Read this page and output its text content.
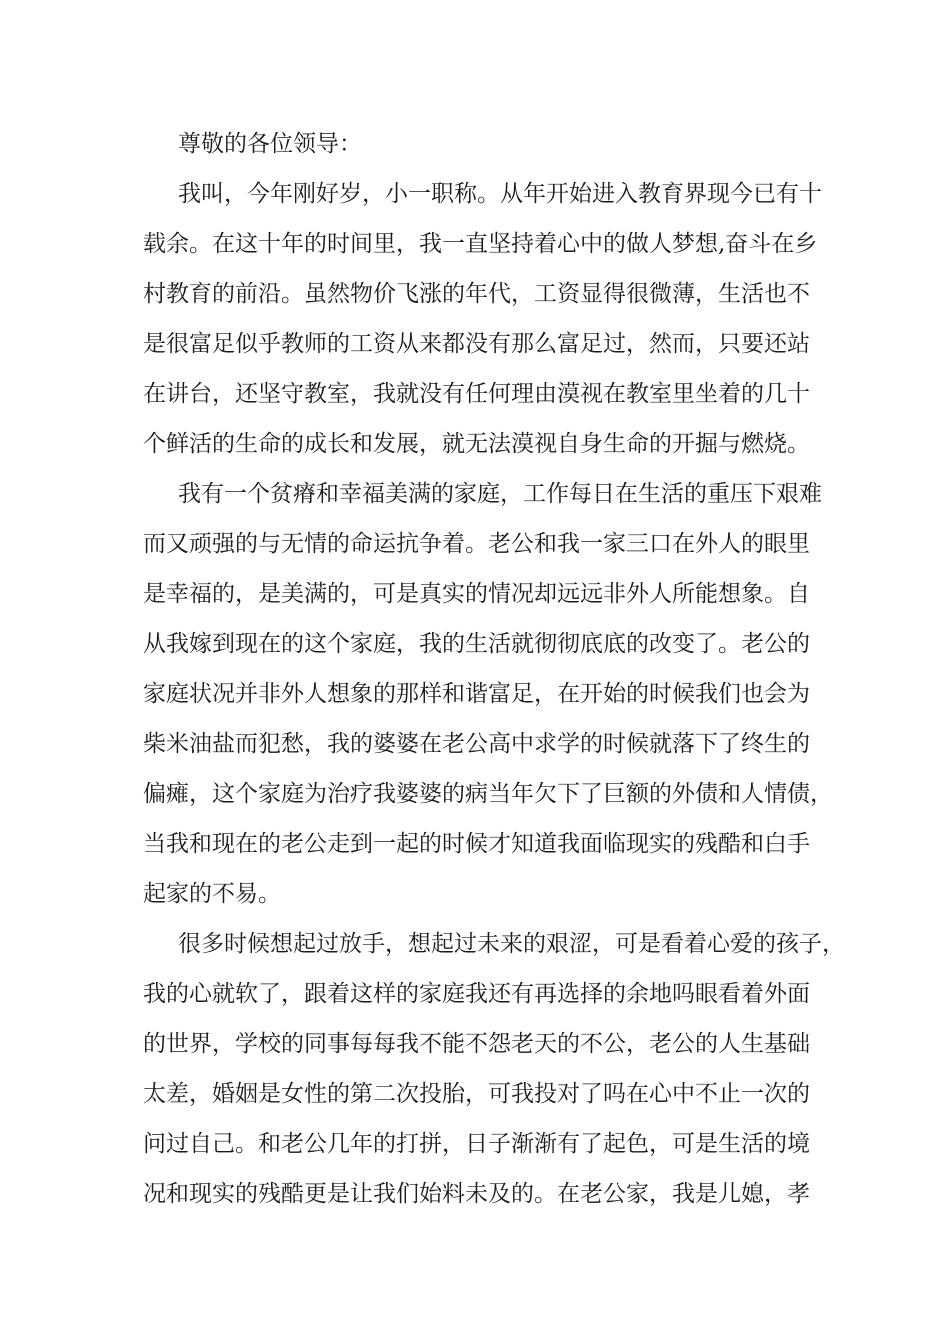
尊敬的各位领导：
我叫，今年刚好岁，小一职称。从年开始进入教育界现今已有十
载余。在这十年的时间里，我一直坚持着心中的做人梦想,奋斗在乡
村教育的前沿。虽然物价飞涨的年代，工资显得很微薄，生活也不
是很富足似乎教师的工资从来都没有那么富足过，然而，只要还站
在讲台，还坚守教室，我就没有任何理由漠视在教室里坐着的几十
个鲜活的生命的成长和发展，就无法漠视自身生命的开掘与燃烧。
我有一个贫瘠和幸福美满的家庭，工作每日在生活的重压下艰难
而又顽强的与无情的命运抗争着。老公和我一家三口在外人的眼里
是幸福的，是美满的，可是真实的情况却远远非外人所能想象。自
从我嫁到现在的这个家庭，我的生活就彻彻底底的改变了。老公的
家庭状况并非外人想象的那样和谐富足，在开始的时候我们也会为
柴米油盐而犯愁，我的婆婆在老公高中求学的时候就落下了终生的
偏瘫，这个家庭为治疗我婆婆的病当年欠下了巨额的外债和人情债，
当我和现在的老公走到一起的时候才知道我面临现实的残酷和白手
起家的不易。
很多时候想起过放手，想起过未来的艰涩，可是看着心爱的孩子，
我的心就软了，跟着这样的家庭我还有再选择的余地吗眼看着外面
的世界，学校的同事每每我不能不怨老天的不公，老公的人生基础
太差，婚姻是女性的第二次投胎，可我投对了吗在心中不止一次的
问过自己。和老公几年的打拼，日子渐渐有了起色，可是生活的境
况和现实的残酷更是让我们始料未及的。在老公家，我是儿媳，孝
